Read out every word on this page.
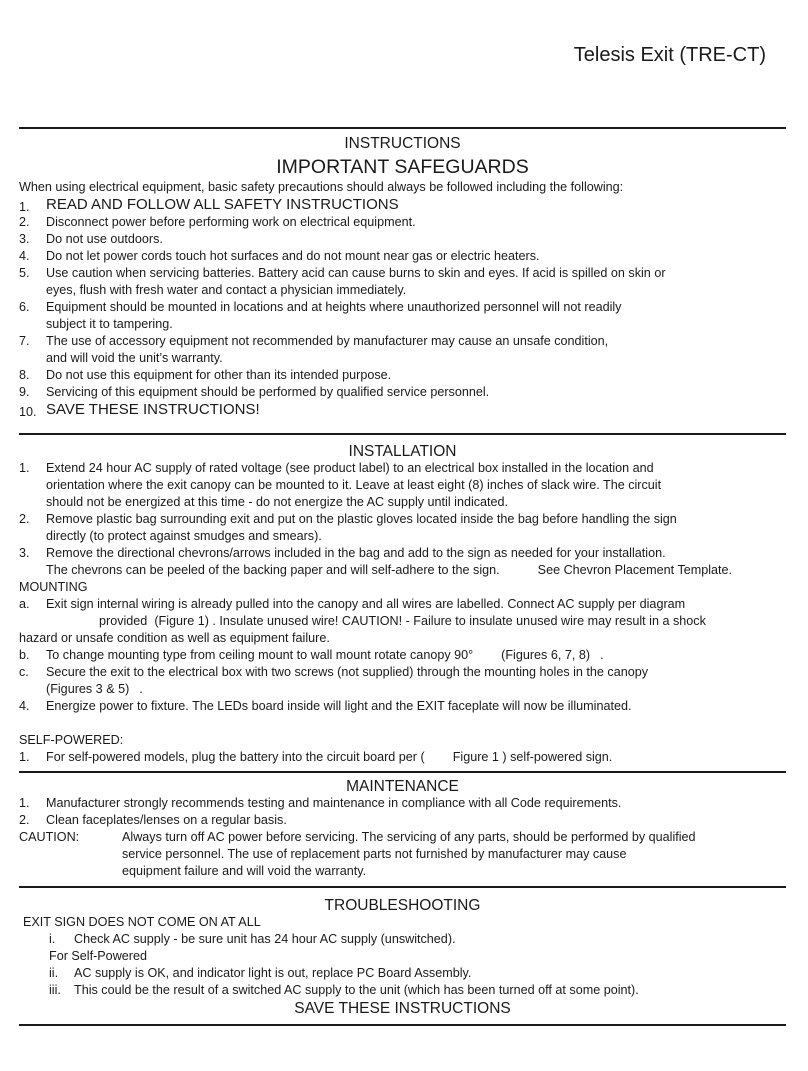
Telesis Exit (TRE-CT)
INSTRUCTIONS
IMPORTANT SAFEGUARDS
When using electrical equipment, basic safety precautions should always be followed including the following:
1. READ AND FOLLOW ALL SAFETY INSTRUCTIONS
2. Disconnect power before performing work on electrical equipment.
3. Do not use outdoors.
4. Do not let power cords touch hot surfaces and do not mount near gas or electric heaters.
5. Use caution when servicing batteries. Battery acid can cause burns to skin and eyes. If acid is spilled on skin or
eyes, flush with fresh water and contact a physician immediately.
6. Equipment should be mounted in locations and at heights where unauthorized personnel will not readily
subject it to tampering.
7. The use of accessory equipment not recommended by manufacturer may cause an unsafe condition,
and will void the unit’s warranty.
8. Do not use this equipment for other than its intended purpose.
9. Servicing of this equipment should be performed by qualified service personnel.
10. SAVE THESE INSTRUCTIONS!
INSTALLATION
1. Extend 24 hour AC supply of rated voltage (see product label) to an electrical box installed in the location and
orientation where the exit canopy can be mounted to it. Leave at least eight (8) inches of slack wire. The circuit
should not be energized at this time - do not energize the AC supply until indicated.
2. Remove plastic bag surrounding exit and put on the plastic gloves located inside the bag before handling the sign
directly (to protect against smudges and smears).
3. Remove the directional chevrons/arrows included in the bag and add to the sign as needed for your installation.
The chevrons can be peeled of the backing paper and will self-adhere to the sign.	See Chevron Placement Template.
MOUNTING
a. Exit sign internal wiring is already pulled into the canopy and all wires are labelled. Connect AC supply per diagram
provided (Figure 1) . Insulate unused wire! CAUTION! - Failure to insulate unused wire may result in a shock
hazard or unsafe condition as well as equipment failure.
b. To change mounting type from ceiling mount to wall mount rotate canopy 90° (Figures 6, 7, 8) .
c. Secure the exit to the electrical box with two screws (not supplied) through the mounting holes in the canopy
(Figures 3 & 5) .
4. Energize power to fixture. The LEDs board inside will light and the EXIT faceplate will now be illuminated.
SELF-POWERED:
1. For self-powered models, plug the battery into the circuit board per ( Figure 1 ) self-powered sign.
MAINTENANCE
1. Manufacturer strongly recommends testing and maintenance in compliance with all Code requirements.
2. Clean faceplates/lenses on a regular basis.
CAUTION:	Always turn off AC power before servicing. The servicing of any parts, should be performed by qualified
service personnel. The use of replacement parts not furnished by manufacturer may cause
equipment failure and will void the warranty.
TROUBLESHOOTING
EXIT SIGN DOES NOT COME ON AT ALL
i. Check AC supply - be sure unit has 24 hour AC supply (unswitched).
For Self-Powered
ii. AC supply is OK, and indicator light is out, replace PC Board Assembly.
iii. This could be the result of a switched AC supply to the unit (which has been turned off at some point).
SAVE THESE INSTRUCTIONS
